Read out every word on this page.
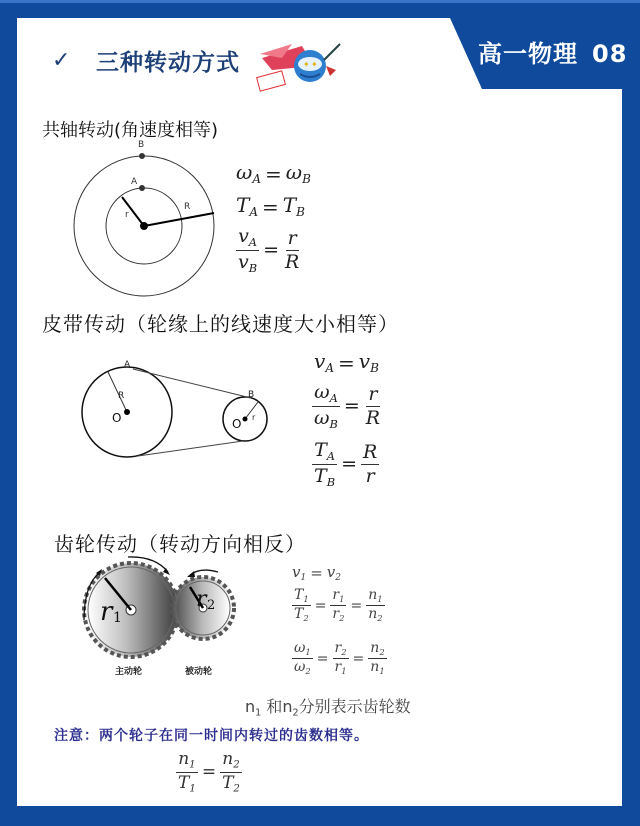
高一物理 08
✓	三种转动方式	✦ ✦
共轴转动(角速度相等)
B
A
R
r
$\omega_A = \omega_B$
$T_A = T_B$
$\frac{v_A}{v_B} = \frac{r}{R}$
皮带传动（轮缘上的线速度大小相等）
A
B
R
r
O	O
$v_A = v_B$
$\frac{\omega_A}{\omega_B} = \frac{r}{R}$
$\frac{T_A}{T_B} = \frac{R}{r}$
齿轮传动（转动方向相反）
r 1
r 2
主动轮	被动轮
$v_1 = v_2$
$\frac{T_1}{T_2} = \frac{r_1}{r_2} = \frac{n_1}{n_2}$
$\frac{\omega_1}{\omega_2} = \frac{r_2}{r_1} = \frac{n_2}{n_1}$
$n_1$ 和$n_2$分别表示齿轮数
注意：两个轮子在同一时间内转过的齿数相等。
$\frac{n_1}{T_1} = \frac{n_2}{T_2}$
